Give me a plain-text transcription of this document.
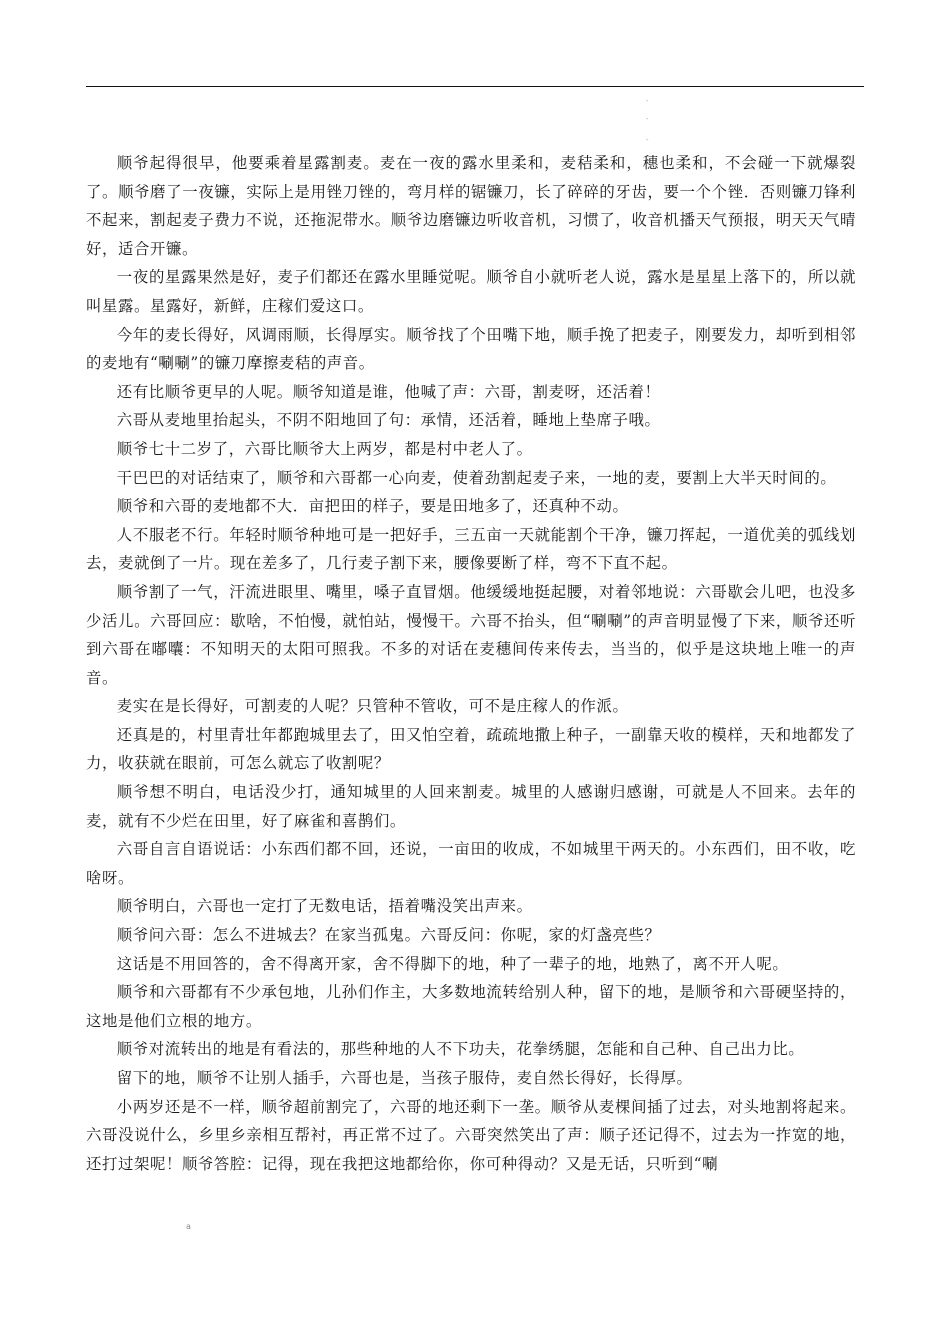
-
-
-

顺爷起得很早，他要乘着星露割麦。麦在一夜的露水里柔和，麦秸柔和，穗也柔和，不会碰一下就爆裂了。顺爷磨了一夜镰，实际上是用锉刀锉的，弯月样的锯镰刀，长了碎碎的牙齿，要一个个锉．否则镰刀锋利不起来，割起麦子费力不说，还拖泥带水。顺爷边磨镰边听收音机，习惯了，收音机播天气预报，明天天气晴好，适合开镰。

一夜的星露果然是好，麦子们都还在露水里睡觉呢。顺爷自小就听老人说，露水是星星上落下的，所以就叫星露。星露好，新鲜，庄稼们爱这口。

今年的麦长得好，风调雨顺，长得厚实。顺爷找了个田嘴下地，顺手挽了把麦子，刚要发力，却听到相邻的麦地有“唰唰”的镰刀摩擦麦秸的声音。

还有比顺爷更早的人呢。顺爷知道是谁，他喊了声：六哥，割麦呀，还活着！

六哥从麦地里抬起头，不阴不阳地回了句：承情，还活着，睡地上垫席子哦。

顺爷七十二岁了，六哥比顺爷大上两岁，都是村中老人了。

干巴巴的对话结束了，顺爷和六哥都一心向麦，使着劲割起麦子来，一地的麦，要割上大半天时间的。

顺爷和六哥的麦地都不大．亩把田的样子，要是田地多了，还真种不动。

人不服老不行。年轻时顺爷种地可是一把好手，三五亩一天就能割个干净，镰刀挥起，一道优美的弧线划去，麦就倒了一片。现在差多了，几行麦子割下来，腰像要断了样，弯不下直不起。

顺爷割了一气，汗流进眼里、嘴里，嗓子直冒烟。他缓缓地挺起腰，对着邻地说：六哥歇会儿吧，也没多少活儿。六哥回应：歇啥，不怕慢，就怕站，慢慢干。六哥不抬头，但“唰唰”的声音明显慢了下来，顺爷还听到六哥在嘟囔：不知明天的太阳可照我。不多的对话在麦穗间传来传去，当当的，似乎是这块地上唯一的声音。

麦实在是长得好，可割麦的人呢？只管种不管收，可不是庄稼人的作派。

还真是的，村里青壮年都跑城里去了，田又怕空着，疏疏地撒上种子，一副靠天收的模样，天和地都发了力，收获就在眼前，可怎么就忘了收割呢？

顺爷想不明白，电话没少打，通知城里的人回来割麦。城里的人感谢归感谢，可就是人不回来。去年的麦，就有不少烂在田里，好了麻雀和喜鹊们。

六哥自言自语说话：小东西们都不回，还说，一亩田的收成，不如城里干两天的。小东西们，田不收，吃啥呀。

顺爷明白，六哥也一定打了无数电话，捂着嘴没笑出声来。

顺爷问六哥：怎么不进城去？在家当孤鬼。六哥反问：你呢，家的灯盏亮些？

这话是不用回答的，舍不得离开家，舍不得脚下的地，种了一辈子的地，地熟了，离不开人呢。

顺爷和六哥都有不少承包地，儿孙们作主，大多数地流转给别人种，留下的地，是顺爷和六哥硬坚持的，这地是他们立根的地方。

顺爷对流转出的地是有看法的，那些种地的人不下功夫，花拳绣腿，怎能和自己种、自己出力比。

留下的地，顺爷不让别人插手，六哥也是，当孩子服侍，麦自然长得好，长得厚。

小两岁还是不一样，顺爷超前割完了，六哥的地还剩下一垄。顺爷从麦棵间插了过去，对头地割将起来。六哥没说什么，乡里乡亲相互帮衬，再正常不过了。六哥突然笑出了声：顺子还记得不，过去为一拃宽的地，还打过架呢！顺爷答腔：记得，现在我把这地都给你，你可种得动？又是无话，只听到“唰

a
